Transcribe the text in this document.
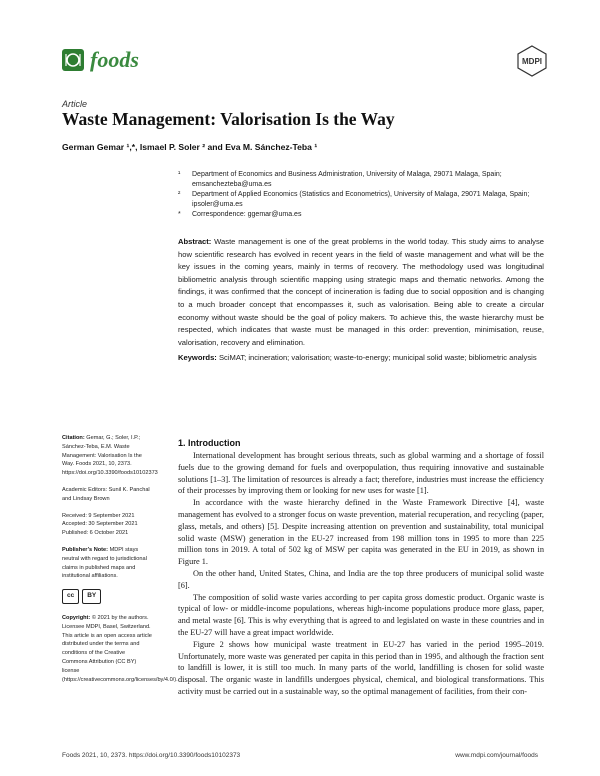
foods	MDPI
Article
Waste Management: Valorisation Is the Way
German Gemar ¹,*, Ismael P. Soler ² and Eva M. Sánchez-Teba ¹
¹ Department of Economics and Business Administration, University of Malaga, 29071 Malaga, Spain; emsanchezteba@uma.es
² Department of Applied Economics (Statistics and Econometrics), University of Malaga, 29071 Malaga, Spain; ipsoler@uma.es
* Correspondence: ggemar@uma.es
Abstract: Waste management is one of the great problems in the world today. This study aims to analyse how scientific research has evolved in recent years in the field of waste management and what will be the key issues in the coming years, mainly in terms of recovery. The methodology used was longitudinal bibliometric analysis through scientific mapping using strategic maps and thematic networks. Among the findings, it was confirmed that the concept of incineration is fading due to social opposition and is changing to a much broader concept that encompasses it, such as valorisation. Being able to create a circular economy without waste should be the goal of policy makers. To achieve this, the waste hierarchy must be respected, which indicates that waste must be managed in this order: prevention, minimisation, reuse, valorisation, recovery and elimination.
Keywords: SciMAT; incineration; valorisation; waste-to-energy; municipal solid waste; bibliometric analysis

Citation: Gemar, G.; Soler, I.P.; Sánchez-Teba, E.M. Waste Management: Valorisation Is the Way. Foods 2021, 10, 2373. https://doi.org/10.3390/foods10102373

Academic Editors: Sunil K. Panchal and Lindsay Brown

Received: 9 September 2021

Accepted: 30 September 2021

Published: 6 October 2021

Publisher’s Note: MDPI stays neutral with regard to jurisdictional claims in published maps and institutional affiliations.

cc	BY

Copyright: © 2021 by the authors. Licensee MDPI, Basel, Switzerland. This article is an open access article distributed under the terms and conditions of the Creative Commons Attribution (CC BY) license (https://creativecommons.org/licenses/by/4.0/).

1. Introduction

International development has brought serious threats, such as global warming and a shortage of fossil fuels due to the growing demand for fuels and overpopulation, thus requiring innovative and sustainable solutions [1–3]. The limitation of resources is already a fact; therefore, industries must increase the efficiency of their processes by improving them or looking for new uses for waste [1].

In accordance with the waste hierarchy defined in the Waste Framework Directive [4], waste management has evolved to a stronger focus on waste prevention, material recuperation, and recycling (paper, glass, metals, and others) [5]. Despite increasing attention on prevention and sustainability, total municipal solid waste (MSW) generation in the EU-27 increased from 198 million tons in 1995 to more than 225 million tons in 2019. A total of 502 kg of MSW per capita was generated in the EU in 2019, as shown in Figure 1.

On the other hand, United States, China, and India are the top three producers of municipal solid waste [6].

The composition of solid waste varies according to per capita gross domestic product. Organic waste is typical of low- or middle-income populations, whereas high-income populations produce more glass, paper, and metal waste [6]. This is why everything that is agreed to and legislated on waste in these countries and in the EU-27 will have a great impact worldwide.

Figure 2 shows how municipal waste treatment in EU-27 has varied in the period 1995–2019. Unfortunately, more waste was generated per capita in this period than in 1995, and although the fraction sent to landfill is lower, it is still too much. In many parts of the world, landfilling is chosen for solid waste disposal. The organic waste in landfills undergoes physical, chemical, and biological transformations. This activity must be carried out in a sustainable way, so the optimal management of facilities, from their con-

Foods 2021, 10, 2373. https://doi.org/10.3390/foods10102373	www.mdpi.com/journal/foods
